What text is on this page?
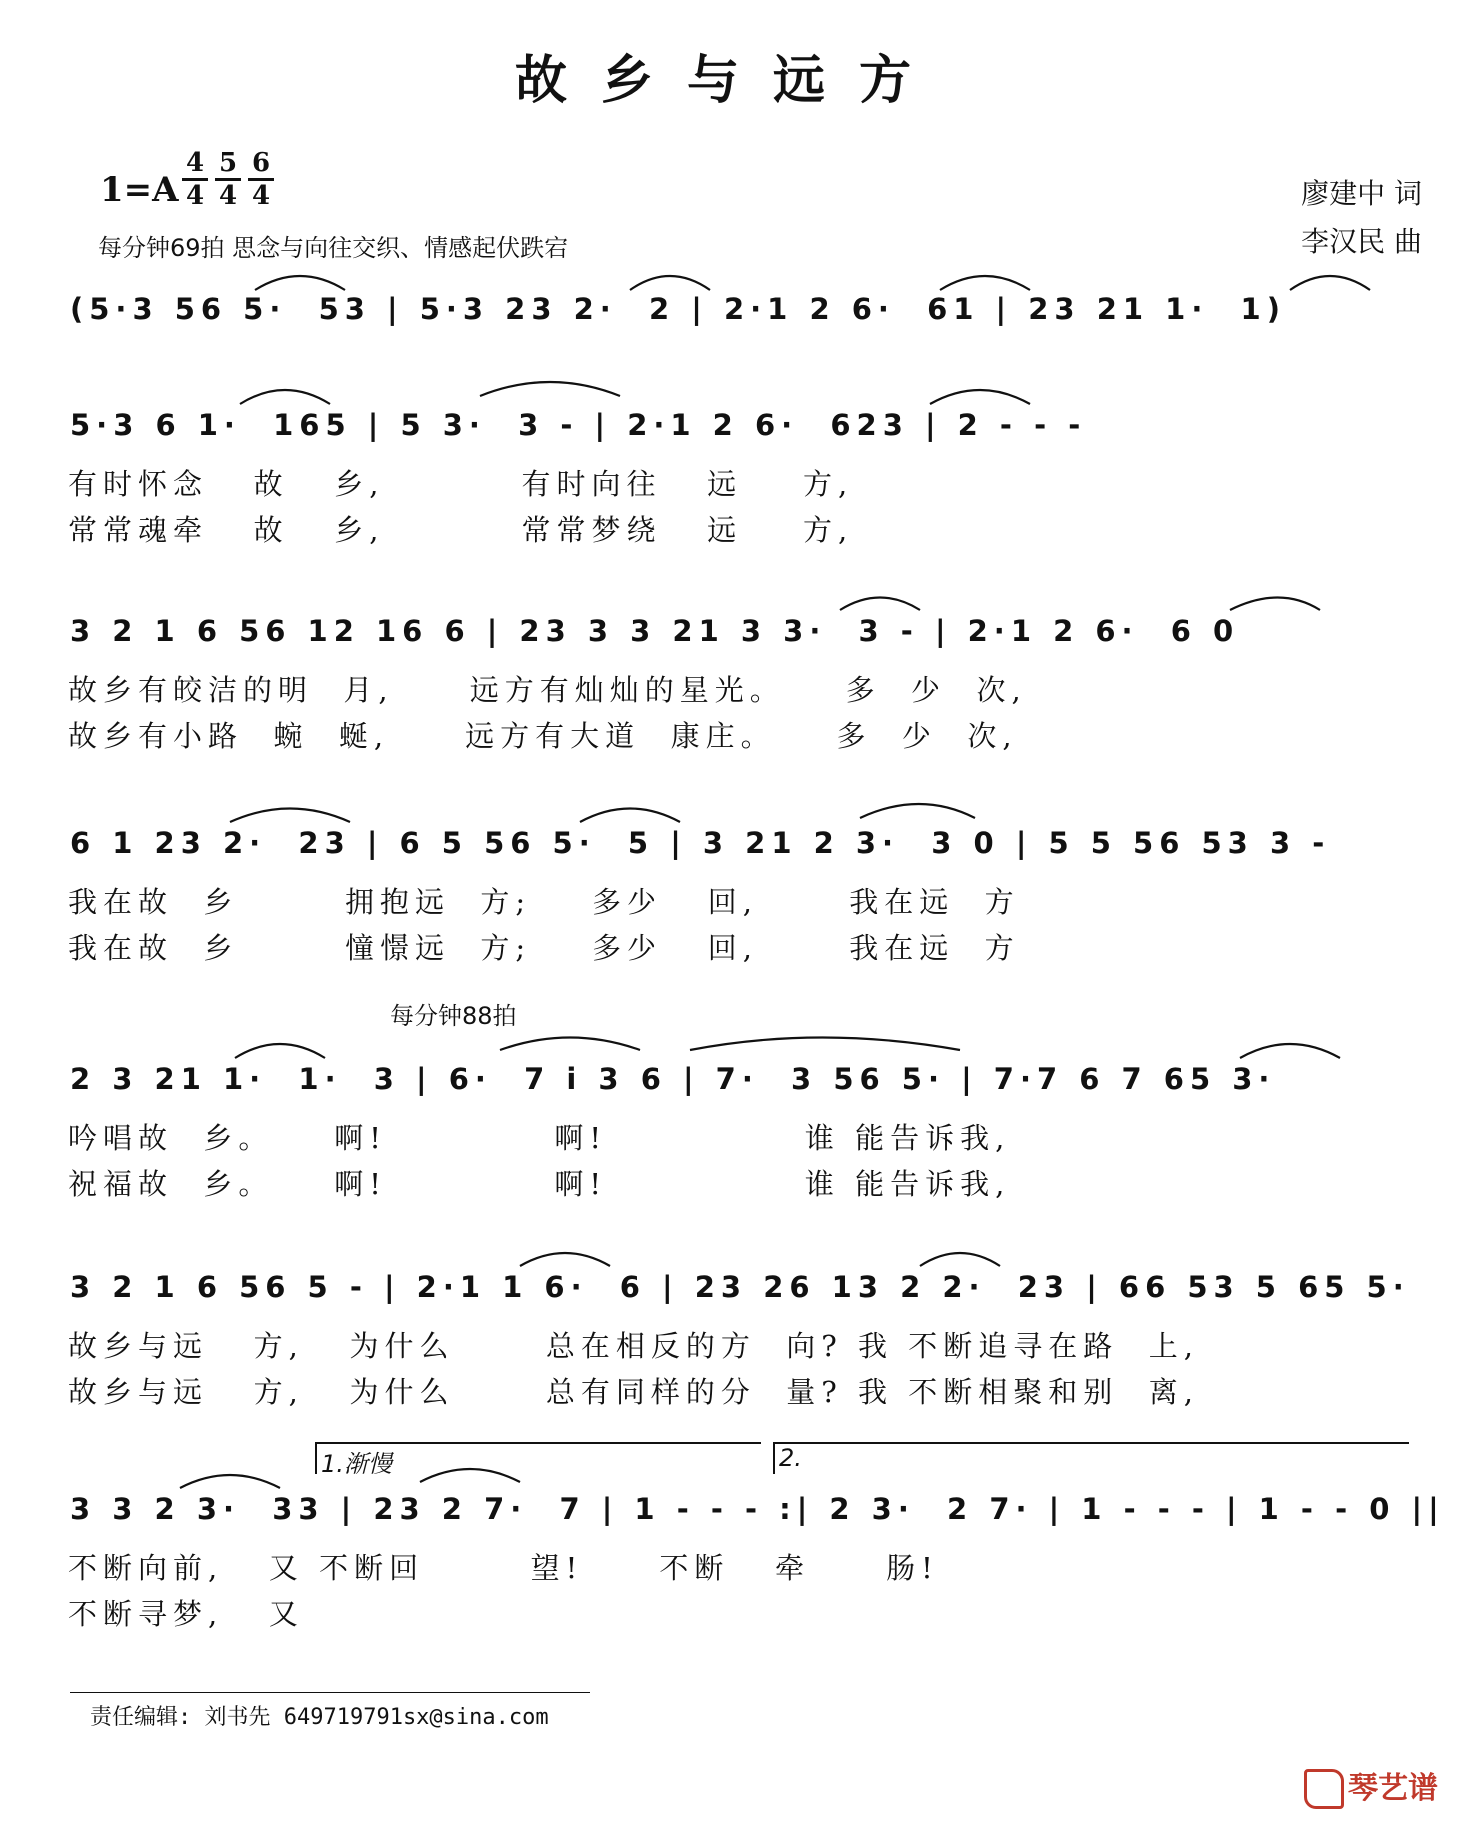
故乡与远方
1=A
4
4
5
4
6
4
每分钟69拍 思念与向往交织、情感起伏跌宕
廖建中 词
李汉民 曲
(5·3 56 5·  53 | 5·3 23 2·  2 | 2·1 2 6·  61 | 23 21 1·  1)
5·3 6 1·  165 | 5 3·  3 - | 2·1 2 6·  623 | 2 - - -
有时怀念   故   乡,         有时向往   远    方,
常常魂牵   故   乡,         常常梦绕   远    方,
3 2 1 6 56 12 16 6 | 23 3 3 21 3 3·  3 - | 2·1 2 6·  6 0
故乡有皎洁的明  月,     远方有灿灿的星光。    多  少  次,
故乡有小路  蜿  蜒,     远方有大道  康庄。    多  少  次,
6 1 23 2·  23 | 6 5 56 5·  5 | 3 21 2 3·  3 0 | 5 5 56 53 3 -
我在故  乡       拥抱远  方;    多少   回,      我在远  方
我在故  乡       憧憬远  方;    多少   回,      我在远  方
每分钟88拍
2 3 21 1·  1·  3 | 6·  7 i 3 6 | 7·  3 56 5· | 7·7 6 7 65 3·
吟唱故  乡。    啊!           啊!             谁 能告诉我,
祝福故  乡。    啊!           啊!             谁 能告诉我,
3 2 1 6 56 5 - | 2·1 1 6·  6 | 23 26 13 2 2·  23 | 66 53 5 65 5·
故乡与远   方,   为什么      总在相反的方  向? 我 不断追寻在路  上,
故乡与远   方,   为什么      总有同样的分  量? 我 不断相聚和别  离,
1.渐慢	2.
3 3 2 3·  33 | 23 2 7·  7 | 1 - - - :| 2 3·  2 7· | 1 - - - | 1 - - 0 ||
不断向前,   又 不断回       望!     不断   牵     肠!
不断寻梦,   又
责任编辑: 刘书先 649719791sx@sina.com
琴艺谱
